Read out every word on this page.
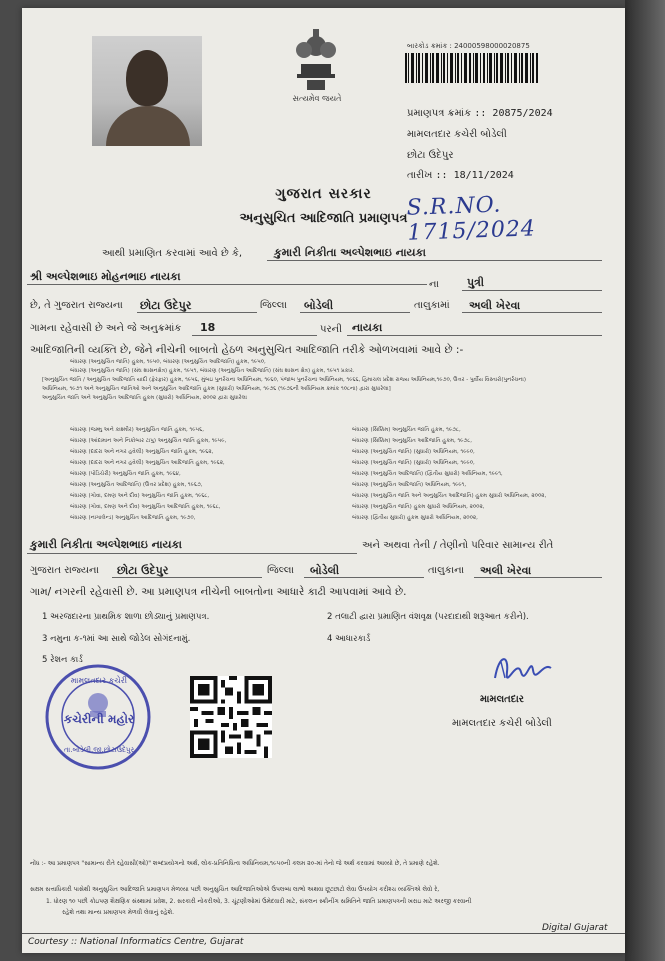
સત્યમેવ જયતે
બારકોડ ક્રમાંક : 24000598000020875
પ્રમાણપત્ર ક્રમાંક :: 20875/2024
મામલતદાર કચેરી બોડેલી
છોટા ઉદેપુર
તારીખ :: 18/11/2024
ગુજરાત સરકાર
અનુસુચિત આદિજાતિ પ્રમાણપત્ર
S.R.NO. 1715/2024
આથી પ્રમાણિત કરવામાં આવે છે કે,	કુમારી નિકીતા અલ્પેશભાઇ નાયકા
શ્રી અલ્પેશભાઇ મોહનભાઇ નાયકા
ના	પુત્રી
છે, તે ગુજરાત રાજ્યના છોટા ઉદેપુર	જિલ્લા બોડેલી	તાલુકામાં અલી ખેરવા
ગામના રહેવાસી છે અને જે અનુક્રમાંક 18	પરની નાયકા
આદિજાતિની વ્યક્તિ છે, જેને નીચેની બાબતો હેઠળ અનુસુચિત આદિજાતિ તરીકે ઓળખવામાં આવે છે :-
બંધારણ (અનુસુચિત જાતિ) હુકમ, ૧૯૫૦, બંધારણ (અનુસુચિત આદિજાતિ) હુકમ, ૧૯૫૦,
બંધારણ (અનુસુચિત જાતિ) (સંઘ શાસનક્ષેત્ર) હુકમ, ૧૯૫૧, બંધારણ (અનુસુચિત આદિજાતિ) (સંઘ શાસન ક્ષેત્ર) હુકમ, ૧૯૫૧ પ્રકાર.
[અનુસુચિત જાતિ / અનુસુચિત આદિજાતિ યાદી (ફેરફાર) હુકમ, ૧૯૫૬, મુંબઇ પુનર્રચના અધિનિયમ, ૧૯૬૦, પંજાબ પુનર્રચના અધિનિયમ, ૧૯૬૬, હિમાચલ પ્રદેશ રાજ્ય અધિનિયમ,૧૯૭૦, ઉત્તર - પુર્વીય વિસ્તારો(પુનર્રચના)
અધિનિયમ, ૧૯૭૧ અને અનુસુચિત જાતિઓ અને અનુસુચિત આદિજાતિ હુકમ (સુધારો) અધિનિયમ, ૧૯૭૬ (૧૯૭૬ની અધિનિયમ ક્રમાંક ૧૦૮ના) દ્વારા સુધારેલા]
અનુસુચિત જાતિ અને અનુસુચિત આદિજાતિ હુકમ (સુધારો) અધિનિયમ, ૨૦૦૨ દ્વારા સુધારેલા
બંધારણ (જમ્મુ અને કાશ્મીર) અનુસુચિત જાતિ હુકમ, ૧૯૫૬,
બંધારણ (આંદામાન અને નિકોબાર ટાપુ) અનુસુચિત જાતિ હુકમ, ૧૯૫૯,
બંધારણ (દાદરા અને નગર હવેલી) અનુસુચિત જાતિ હુકમ, ૧૯૬૨,
બંધારણ (દાદરા અને નગર હવેલી) અનુસુચિત આદિજાતિ હુકમ, ૧૯૬૨,
બંધારણ (પોંડિચેરી) અનુસુચિત જાતિ હુકમ, ૧૯૬૪,
બંધારણ (અનુસુચિત આદિજાતિ) (ઉત્તર પ્રદેશ) હુકમ, ૧૯૬૭,
બંધારણ (ગોવા, દમણ અને દીવ) અનુસુચિત જાતિ હુકમ, ૧૯૬૮,
બંધારણ (ગોવા, દમણ અને દીવ) અનુસુચિત આદિજાતિ હુકમ, ૧૯૬૮,
બંધારણ (નાગાલેન્ડ) અનુસુચિત આદિજાતિ હુકમ, ૧૯૭૦,
બંધારણ (સિક્કિમ) અનુસુચિત જાતિ હુકમ, ૧૯૭૮,
બંધારણ (સિક્કિમ) અનુસુચિત આદિજાતિ હુકમ, ૧૯૭૮,
બંધારણ (અનુસુચિત જાતિ) (સુધારો) અધિનિયમ, ૧૯૯૦,
બંધારણ (અનુસુચિત જાતિ) (સુધારો) અધિનિયમ, ૧૯૯૦,
બંધારણ (અનુસુચિત આદિજાતિ) (દ્વિતીય સુધારો) અધિનિયમ, ૧૯૯૧,
બંધારણ (અનુસુચિત આદિજાતિ) અધિનિયમ, ૧૯૯૧,
બંધારણ (અનુસુચિત જાતિ અને અનુસુચિત આદિજાતિ) હુકમ સુધારો અધિનિયમ, ૨૦૦૨,
બંધારણ (અનુસુચિત જાતિ) હુકમ સુધારો અધિનિયમ, ૨૦૦૨,
બંધારણ (દ્વિતીય સુધારો) હુકમ સુધારો અધિનિયમ, ૨૦૦૨,
કુમારી નિકીતા અલ્પેશભાઇ નાયકા	અને અથવા તેની / તેણીનો પરિવાર સામાન્ય રીતે
ગુજરાત રાજ્યના છોટા ઉદેપુર	જિલ્લા બોડેલી	તાલુકાના અલી ખેરવા
ગામ/ નગરની રહેવાસી છે. આ પ્રમાણપત્ર નીચેની બાબતોના આધારે કાઢી આપવામાં આવે છે.
1 અરજદારના પ્રાથમિક શાળા છોડ્યાનું પ્રમાણપત્ર.	2 તલાટી દ્વારા પ્રમાણિત વંશવૃક્ષ (પરદાદાથી શરૂઆત કરીને).
3 નમુના ક-૧માં આ સાથે જોડેલ સોગંદનામું.	4 આધારકાર્ડ
5 રેશન કાર્ડ
મામલતદાર કચેરી
કચેરીની મહોર
તા.બોડેલી,જી.છોટાઉદેપુર
મામલતદાર
મામલતદાર કચેરી બોડેલી
નોંધ :- આ પ્રમાણપત્ર "સામાન્ય રીતે રહેવાસી(ઓ)" શબ્દપ્રયોગનો અર્થ, લોક-પ્રતિનિધિત્વ અધિનિયમ,૧૯૫૦ની કલમ ૨૦-માં તેનો જે અર્થ કરવામાં આવ્યો છે, તે પ્રમાણે રહેશે.
સક્ષમ સત્તાધિકારી પાસેથી અનુસુચિત આદિજાતિ પ્રમાણપત્ર મેળવ્યા પછી અનુસુચિત આદિજાતિઓએ ઉપલબ્ધ લાભો અથવા છૂટછાટો લેવા ઉપયોગ કરીશ્ચ વ્યક્તિએ લેવો રે,
1. ધોરણ ૧૦ પછી કોઇપણ શૈક્ષણિક સંસ્થામાં પ્રવેશ, 2. સરકારી નોકરીઓ, 3. ચૂંટણીઓમાં ઉમેદવારી માટે, સંકલન સ્ક્રીનીંગ સમિતિને જાતિ પ્રમાણપત્રની ખરાઇ માટે અરજી કરવાની
રહેશે તથા માન્ય પ્રમાણપત્ર મેળવી લેવાનું રહેશે.
Digital Gujarat
Courtesy :: National Informatics Centre, Gujarat
